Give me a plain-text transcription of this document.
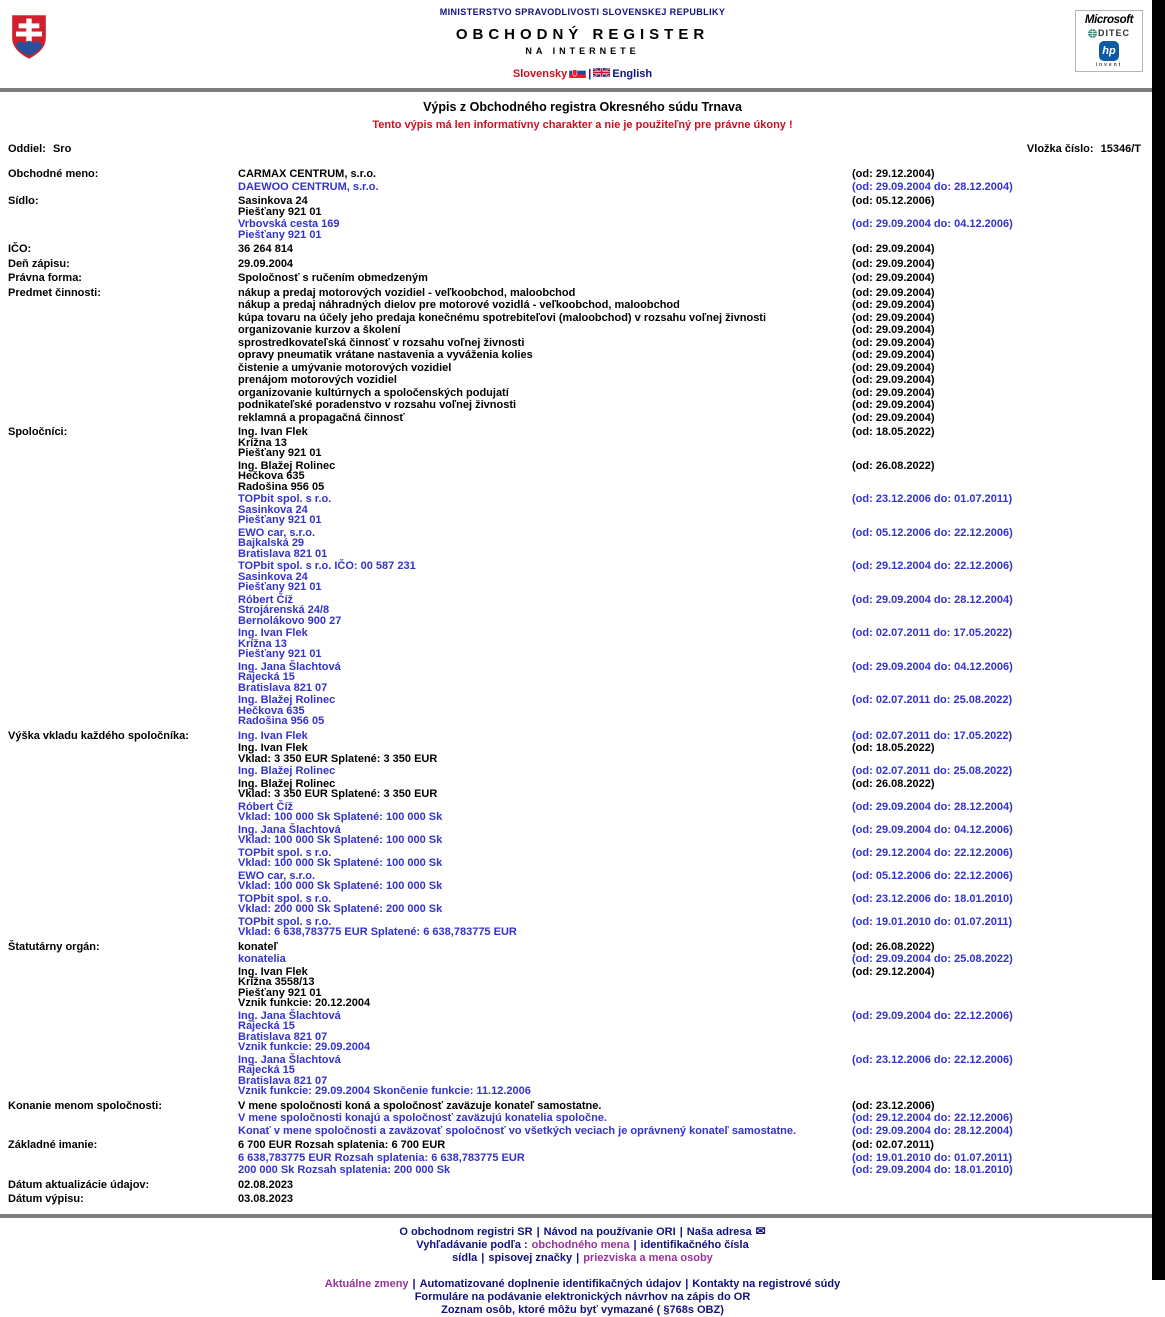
Microsoft
DITEC
hp
invent
MINISTERSTVO SPRAVODLIVOSTI SLOVENSKEJ REPUBLIKY
OBCHODNÝ REGISTER
NA INTERNETE
Slovensky | English
Výpis z Obchodného registra Okresného súdu Trnava
Tento výpis má len informatívny charakter a nie je použiteľný pre právne úkony !
Oddiel: Sro	Vložka číslo: 15346/T
Obchodné meno:	CARMAX CENTRUM, s.r.o.	(od: 29.12.2004)
DAEWOO CENTRUM, s.r.o.	(od: 29.09.2004 do: 28.12.2004)
Sídlo:	Sasinkova 24
Piešťany 921 01
(od: 05.12.2006)
Vrbovská cesta 169
Piešťany 921 01
(od: 29.09.2004 do: 04.12.2006)
IČO:	36 264 814	(od: 29.09.2004)
Deň zápisu:	29.09.2004	(od: 29.09.2004)
Právna forma:	Spoločnosť s ručením obmedzeným	(od: 29.09.2004)
Predmet činnosti:	nákup a predaj motorových vozidiel - veľkoobchod, maloobchod	(od: 29.09.2004)
nákup a predaj náhradných dielov pre motorové vozidlá - veľkoobchod, maloobchod	(od: 29.09.2004)
kúpa tovaru na účely jeho predaja konečnému spotrebiteľovi (maloobchod) v rozsahu voľnej živnosti	(od: 29.09.2004)
organizovanie kurzov a školení	(od: 29.09.2004)
sprostredkovateľská činnosť v rozsahu voľnej živnosti	(od: 29.09.2004)
opravy pneumatik vrátane nastavenia a vyváženia kolies	(od: 29.09.2004)
čistenie a umývanie motorových vozidiel	(od: 29.09.2004)
prenájom motorových vozidiel	(od: 29.09.2004)
organizovanie kultúrnych a spoločenských podujatí	(od: 29.09.2004)
podnikateľské poradenstvo v rozsahu voľnej živnosti	(od: 29.09.2004)
reklamná a propagačná činnosť	(od: 29.09.2004)
Spoločníci:	Ing. Ivan Flek
Krížna 13
Piešťany 921 01
(od: 18.05.2022)
Ing. Blažej Rolinec
Hečkova 635
Radošina 956 05
(od: 26.08.2022)
TOPbit spol. s r.o.
Sasinkova 24
Piešťany 921 01
(od: 23.12.2006 do: 01.07.2011)
EWO car, s.r.o.
Bajkalská 29
Bratislava 821 01
(od: 05.12.2006 do: 22.12.2006)
TOPbit spol. s r.o. IČO: 00 587 231
Sasinkova 24
Piešťany 921 01
(od: 29.12.2004 do: 22.12.2006)
Róbert Číž
Strojárenská 24/8
Bernolákovo 900 27
(od: 29.09.2004 do: 28.12.2004)
Ing. Ivan Flek
Krížna 13
Piešťany 921 01
(od: 02.07.2011 do: 17.05.2022)
Ing. Jana Šlachtová
Rajecká 15
Bratislava 821 07
(od: 29.09.2004 do: 04.12.2006)
Ing. Blažej Rolinec
Hečkova 635
Radošina 956 05
(od: 02.07.2011 do: 25.08.2022)
Výška vkladu každého spoločníka:	Ing. Ivan Flek	(od: 02.07.2011 do: 17.05.2022)
Ing. Ivan Flek
Vklad: 3 350 EUR Splatené: 3 350 EUR
(od: 18.05.2022)
Ing. Blažej Rolinec	(od: 02.07.2011 do: 25.08.2022)
Ing. Blažej Rolinec
Vklad: 3 350 EUR Splatené: 3 350 EUR
(od: 26.08.2022)
Róbert Číž
Vklad: 100 000 Sk Splatené: 100 000 Sk
(od: 29.09.2004 do: 28.12.2004)
Ing. Jana Šlachtová
Vklad: 100 000 Sk Splatené: 100 000 Sk
(od: 29.09.2004 do: 04.12.2006)
TOPbit spol. s r.o.
Vklad: 100 000 Sk Splatené: 100 000 Sk
(od: 29.12.2004 do: 22.12.2006)
EWO car, s.r.o.
Vklad: 100 000 Sk Splatené: 100 000 Sk
(od: 05.12.2006 do: 22.12.2006)
TOPbit spol. s r.o.
Vklad: 200 000 Sk Splatené: 200 000 Sk
(od: 23.12.2006 do: 18.01.2010)
TOPbit spol. s r.o.
Vklad: 6 638,783775 EUR Splatené: 6 638,783775 EUR
(od: 19.01.2010 do: 01.07.2011)
Štatutárny orgán:	konateľ	(od: 26.08.2022)
konatelia	(od: 29.09.2004 do: 25.08.2022)
Ing. Ivan Flek
Krížna 3558/13
Piešťany 921 01
Vznik funkcie: 20.12.2004
(od: 29.12.2004)
Ing. Jana Šlachtová
Rajecká 15
Bratislava 821 07
Vznik funkcie: 29.09.2004
(od: 29.09.2004 do: 22.12.2006)
Ing. Jana Šlachtová
Rajecká 15
Bratislava 821 07
Vznik funkcie: 29.09.2004 Skončenie funkcie: 11.12.2006
(od: 23.12.2006 do: 22.12.2006)
Konanie menom spoločnosti:	V mene spoločnosti koná a spoločnosť zaväzuje konateľ samostatne.	(od: 23.12.2006)
V mene spoločnosti konajú a spoločnosť zaväzujú konatelia spoločne.	(od: 29.12.2004 do: 22.12.2006)
Konať v mene spoločnosti a zaväzovať spoločnosť vo všetkých veciach je oprávnený konateľ samostatne.	(od: 29.09.2004 do: 28.12.2004)
Základné imanie:	6 700 EUR Rozsah splatenia: 6 700 EUR	(od: 02.07.2011)
6 638,783775 EUR Rozsah splatenia: 6 638,783775 EUR	(od: 19.01.2010 do: 01.07.2011)
200 000 Sk Rozsah splatenia: 200 000 Sk	(od: 29.09.2004 do: 18.01.2010)
Dátum aktualizácie údajov:	02.08.2023
Dátum výpisu:	03.08.2023
O obchodnom registri SR | Návod na používanie ORI | Naša adresa ✉
Vyhľadávanie podľa : obchodného mena | identifikačného čísla
sídla | spisovej značky | priezviska a mena osoby
Aktuálne zmeny | Automatizované doplnenie identifikačných údajov | Kontakty na registrové súdy
Formuláre na podávanie elektronických návrhov na zápis do OR
Zoznam osôb, ktoré môžu byť vymazané ( §768s OBZ)
